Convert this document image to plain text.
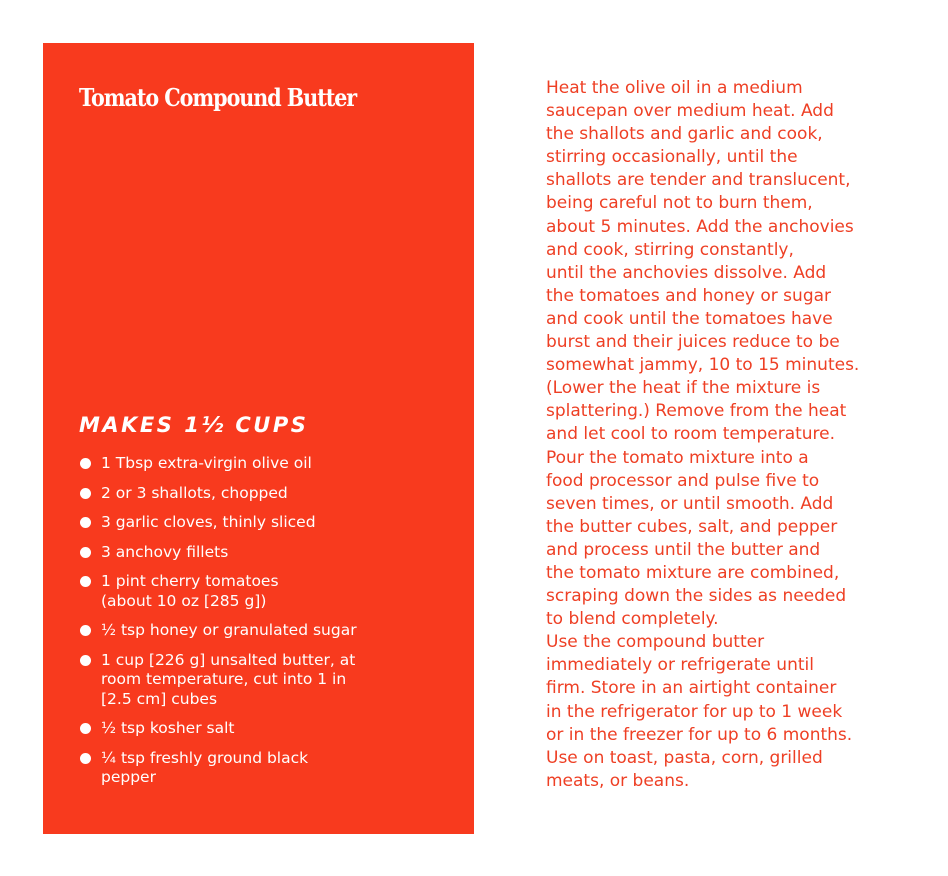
Tomato Compound Butter
MAKES 1½ CUPS
1 Tbsp extra-virgin olive oil
2 or 3 shallots, chopped
3 garlic cloves, thinly sliced
3 anchovy fillets
1 pint cherry tomatoes
(about 10 oz [285 g])
½ tsp honey or granulated sugar
1 cup [226 g] unsalted butter, at
room temperature, cut into 1 in
[2.5 cm] cubes
½ tsp kosher salt
¼ tsp freshly ground black
pepper

Heat the olive oil in a medium
saucepan over medium heat. Add
the shallots and garlic and cook,
stirring occasionally, until the
shallots are tender and translucent,
being careful not to burn them,
about 5 minutes. Add the anchovies
and cook, stirring constantly,
until the anchovies dissolve. Add
the tomatoes and honey or sugar
and cook until the tomatoes have
burst and their juices reduce to be
somewhat jammy, 10 to 15 minutes.
(Lower the heat if the mixture is
splattering.) Remove from the heat
and let cool to room temperature.

Pour the tomato mixture into a
food processor and pulse five to
seven times, or until smooth. Add
the butter cubes, salt, and pepper
and process until the butter and
the tomato mixture are combined,
scraping down the sides as needed
to blend completely.

Use the compound butter
immediately or refrigerate until
firm. Store in an airtight container
in the refrigerator for up to 1 week
or in the freezer for up to 6 months.

Use on toast, pasta, corn, grilled
meats, or beans.
